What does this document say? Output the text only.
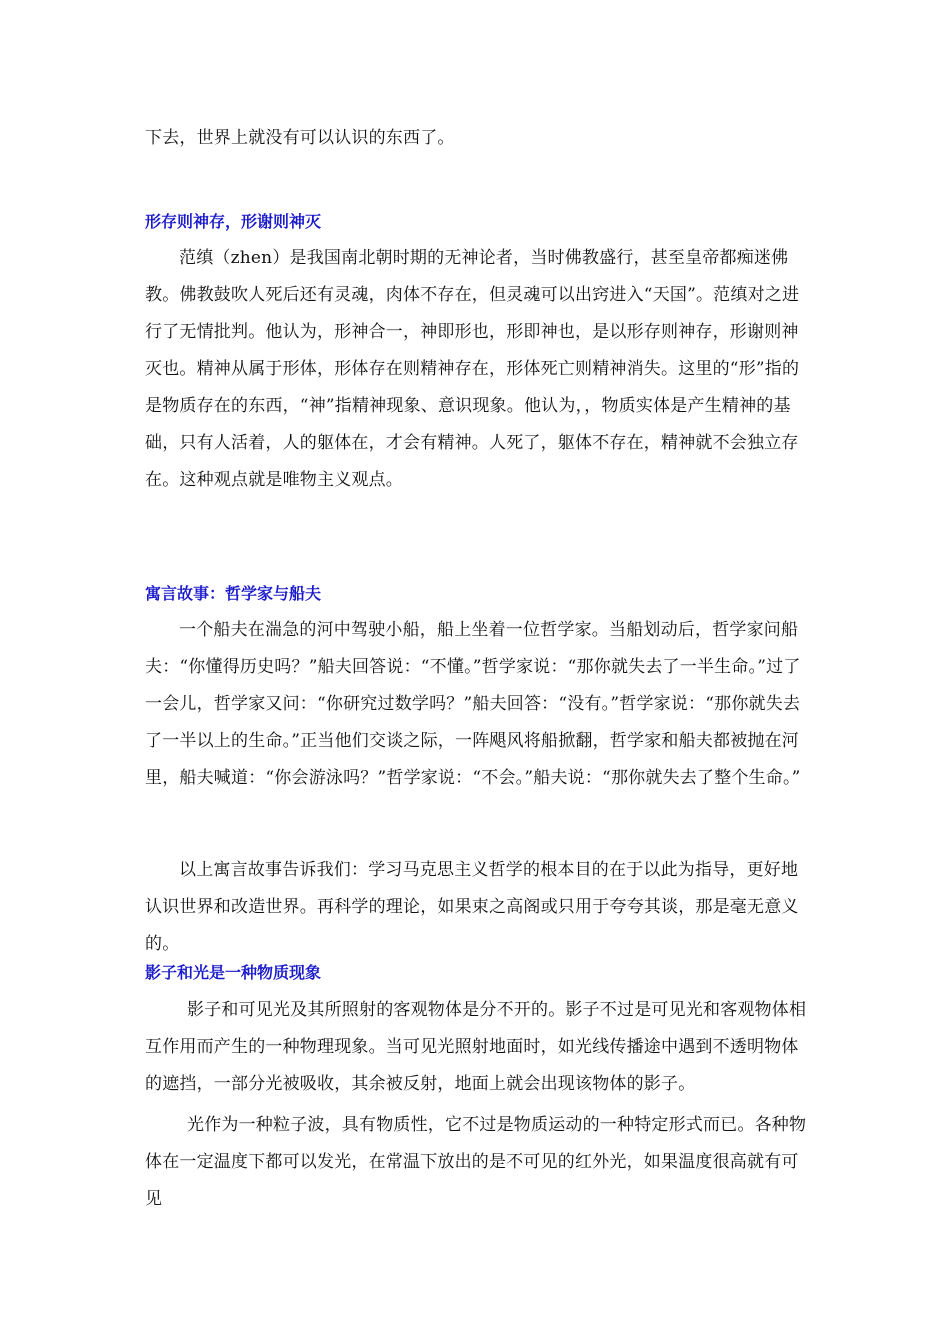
下去，世界上就没有可以认识的东西了。

形存则神存，形谢则神灭

范缜（zhen）是我国南北朝时期的无神论者，当时佛教盛行，甚至皇帝都痴迷佛教。佛教鼓吹人死后还有灵魂，肉体不存在，但灵魂可以出窍进入“天国”。范缜对之进行了无情批判。他认为，形神合一，神即形也，形即神也，是以形存则神存，形谢则神灭也。精神从属于形体，形体存在则精神存在，形体死亡则精神消失。这里的“形”指的是物质存在的东西，“神”指精神现象、意识现象。他认为，，物质实体是产生精神的基础，只有人活着，人的躯体在，才会有精神。人死了，躯体不存在，精神就不会独立存在。这种观点就是唯物主义观点。

寓言故事：哲学家与船夫

一个船夫在湍急的河中驾驶小船，船上坐着一位哲学家。当船划动后，哲学家问船夫：“你懂得历史吗？”船夫回答说：“不懂。”哲学家说：“那你就失去了一半生命。”过了一会儿，哲学家又问：“你研究过数学吗？”船夫回答：“没有。”哲学家说：“那你就失去了一半以上的生命。”正当他们交谈之际，一阵飓风将船掀翻，哲学家和船夫都被抛在河里，船夫喊道：“你会游泳吗？”哲学家说：“不会。”船夫说：“那你就失去了整个生命。”

以上寓言故事告诉我们：学习马克思主义哲学的根本目的在于以此为指导，更好地认识世界和改造世界。再科学的理论，如果束之高阁或只用于夸夸其谈，那是毫无意义的。

影子和光是一种物质现象

影子和可见光及其所照射的客观物体是分不开的。影子不过是可见光和客观物体相互作用而产生的一种物理现象。当可见光照射地面时，如光线传播途中遇到不透明物体的遮挡，一部分光被吸收，其余被反射，地面上就会出现该物体的影子。

光作为一种粒子波，具有物质性，它不过是物质运动的一种特定形式而已。各种物体在一定温度下都可以发光，在常温下放出的是不可见的红外光，如果温度很高就有可见
